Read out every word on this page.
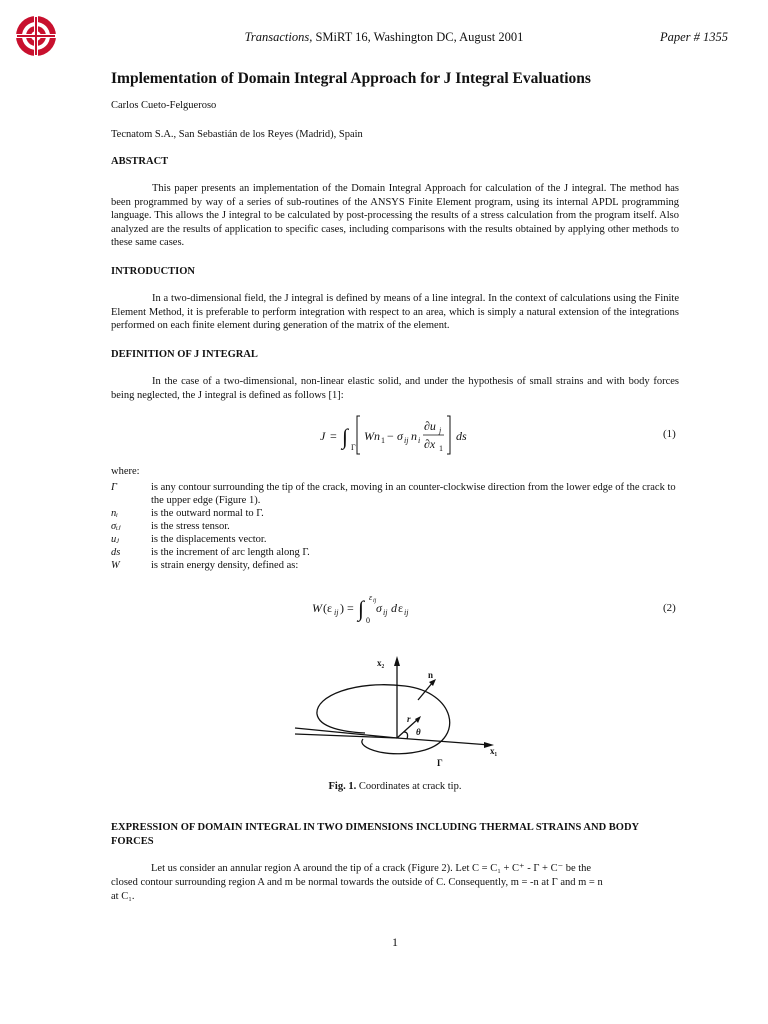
Transactions, SMiRT 16, Washington DC, August 2001	Paper # 1355
Implementation of Domain Integral Approach for J Integral Evaluations
Carlos Cueto-Felgueroso
Tecnatom S.A., San Sebastián de los Reyes (Madrid), Spain
ABSTRACT
This paper presents an implementation of the Domain Integral Approach for calculation of the J integral. The method has been programmed by way of a series of sub-routines of the ANSYS Finite Element program, using its internal APDL programming language. This allows the J integral to be calculated by post-processing the results of a stress calculation from the program itself. Also analyzed are the results of application to specific cases, including comparisons with the results obtained by applying other methods to these same cases.
INTRODUCTION
In a two-dimensional field, the J integral is defined by means of a line integral. In the context of calculations using the Finite Element Method, it is preferable to perform integration with respect to an area, which is simply a natural extension of the integrations performed on each finite element during generation of the matrix of the element.
DEFINITION OF J INTEGRAL
In the case of a two-dimensional, non-linear elastic solid, and under the hypothesis of small strains and with body forces being neglected, the J integral is defined as follows [1]:
J = ∫ Γ
Wn 1 − σ ij n i
∂u j
∂x 1
ds	(1)
where:
Γ	is any contour surrounding the tip of the crack, moving in an counter-clockwise direction from the lower edge of the crack to the upper edge (Figure 1).
nᵢ	is the outward normal to Γ.
σᵢⱼ	is the stress tensor.
uⱼ	is the displacements vector.
ds	is the increment of arc length along Γ.
W	is strain energy density, defined as:
W (ε ij ) = ∫ ε ij
0
σ ij d ε ij	(2)
x₂
x₁
n
r
θ
Γ
Fig. 1. Coordinates at crack tip.
EXPRESSION OF DOMAIN INTEGRAL IN TWO DIMENSIONS INCLUDING THERMAL STRAINS AND BODY FORCES
Let us consider an annular region A around the tip of a crack (Figure 2). Let C = C₁ + C⁺ - Γ + C⁻ be the
closed contour surrounding region A and m be normal towards the outside of C. Consequently, m = -n at Γ and m = n
at C₁.
1
